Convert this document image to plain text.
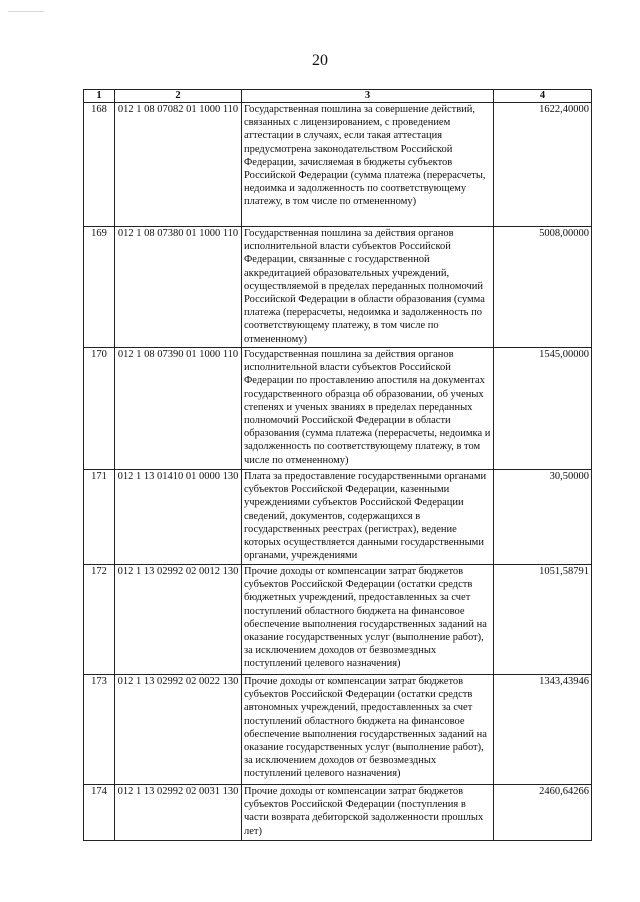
20
1	2	3	4
168	012 1 08 07082 01 1000 110	Государственная пошлина за совершение действий, связанных с лицензированием, с проведением аттестации в случаях, если такая аттестация предусмотрена законодательством Российской Федерации, зачисляемая в бюджеты субъектов Российской Федерации (сумма платежа (перерасчеты, недоимка и задолженность по соответствующему платежу, в том числе по отмененному)	1622,40000
169	012 1 08 07380 01 1000 110	Государственная пошлина за действия органов исполнительной власти субъектов Российской Федерации, связанные с государственной аккредитацией образовательных учреждений, осуществляемой в пределах переданных полномочий Российской Федерации в области образования (сумма платежа (перерасчеты, недоимка и задолженность по соответствующему платежу, в том числе по отмененному)	5008,00000
170	012 1 08 07390 01 1000 110	Государственная пошлина за действия органов исполнительной власти субъектов Российской Федерации по проставлению апостиля на документах государственного образца об образовании, об ученых степенях и ученых званиях в пределах переданных полномочий Российской Федерации в области образования (сумма платежа (перерасчеты, недоимка и задолженность по соответствующему платежу, в том числе по отмененному)	1545,00000
171	012 1 13 01410 01 0000 130	Плата за предоставление государственными органами субъектов Российской Федерации, казенными учреждениями субъектов Российской Федерации сведений, документов, содержащихся в государственных реестрах (регистрах), ведение которых осуществляется данными государственными органами, учреждениями	30,50000
172	012 1 13 02992 02 0012 130	Прочие доходы от компенсации затрат бюджетов субъектов Российской Федерации (остатки средств бюджетных учреждений, предоставленных за счет поступлений областного бюджета на финансовое обеспечение выполнения государственных заданий на оказание государственных услуг (выполнение работ), за исключением доходов от безвозмездных поступлений целевого назначения)	1051,58791
173	012 1 13 02992 02 0022 130	Прочие доходы от компенсации затрат бюджетов субъектов Российской Федерации (остатки средств автономных учреждений, предоставленных за счет поступлений областного бюджета на финансовое обеспечение выполнения государственных заданий на оказание государственных услуг (выполнение работ), за исключением доходов от безвозмездных поступлений целевого назначения)	1343,43946
174	012 1 13 02992 02 0031 130	Прочие доходы от компенсации затрат бюджетов субъектов Российской Федерации (поступления в части возврата дебиторской задолженности прошлых лет)	2460,64266
